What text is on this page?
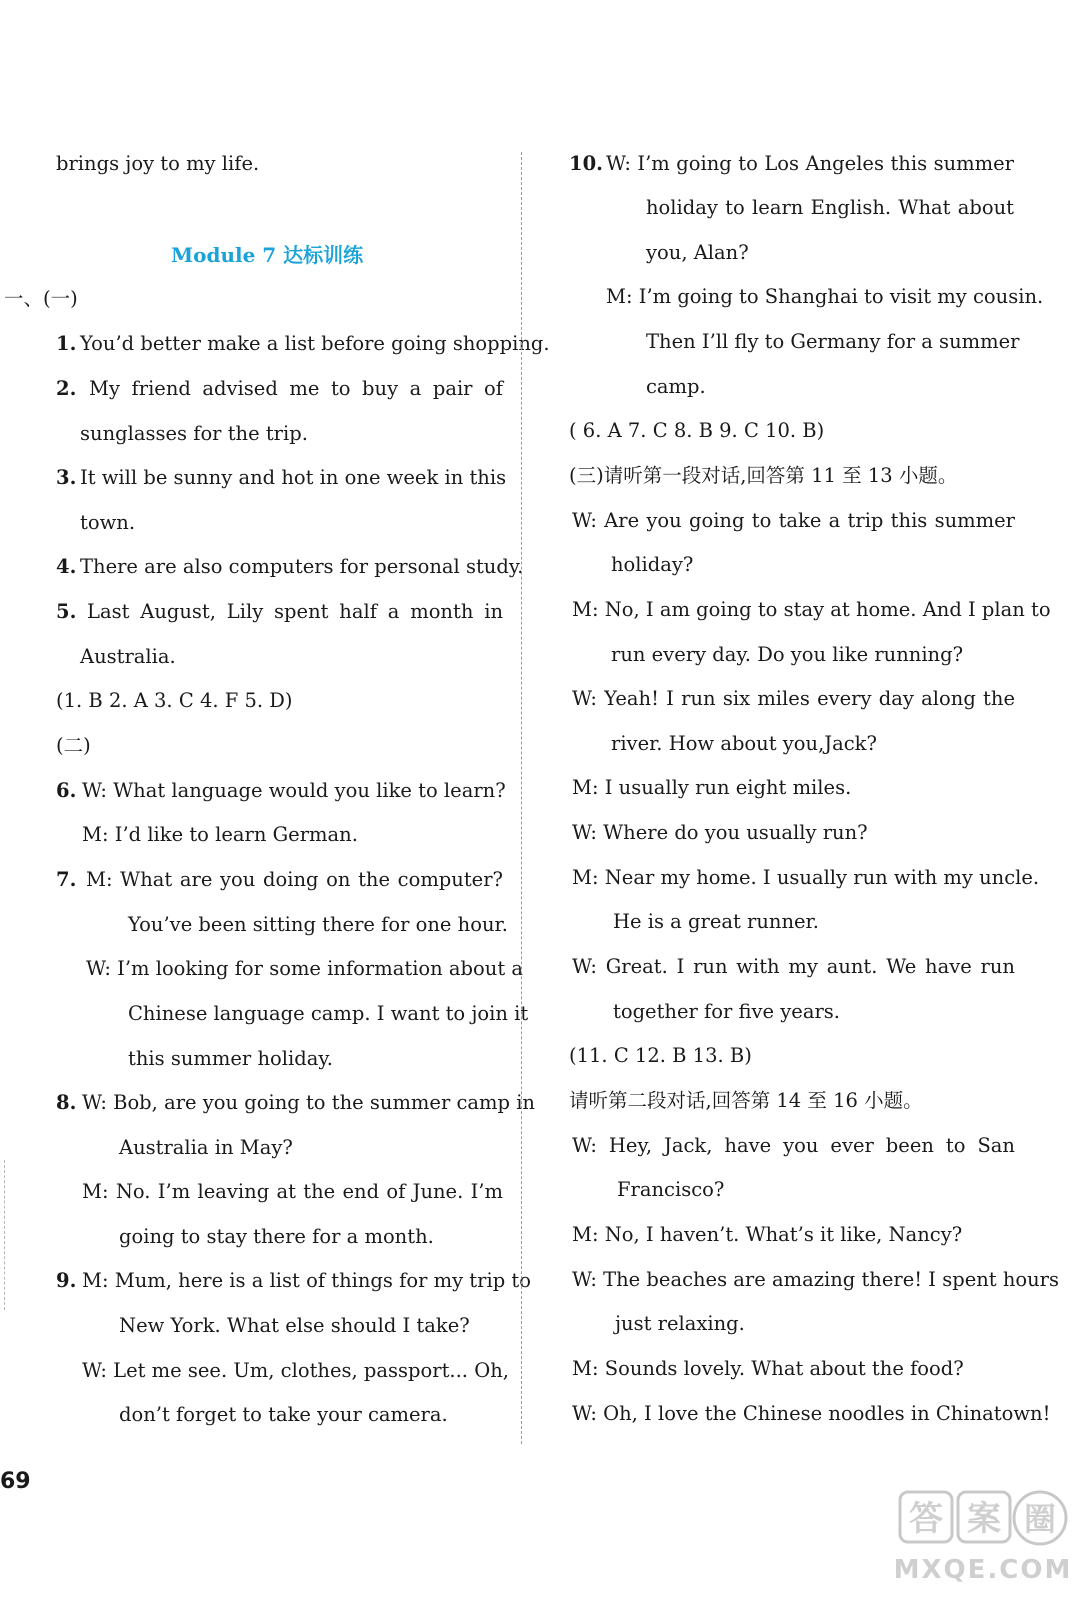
brings joy to my life.
Module 7 达标训练
一、(一)
1. You’d better make a list before going shopping.
2. My friend advised me to buy a pair of
sunglasses for the trip.
3. It will be sunny and hot in one week in this
town.
4. There are also computers for personal study.
5. Last August, Lily spent half a month in
Australia.
(1. B 2. A 3. C 4. F 5. D)
(二)
6. W: What language would you like to learn?
M: I’d like to learn German.
7. M: What are you doing on the computer?
You’ve been sitting there for one hour.
W: I’m looking for some information about a
Chinese language camp. I want to join it
this summer holiday.
8. W: Bob, are you going to the summer camp in
Australia in May?
M: No. I’m leaving at the end of June. I’m
going to stay there for a month.
9. M: Mum, here is a list of things for my trip to
New York. What else should I take?
W: Let me see. Um, clothes, passport... Oh,
don’t forget to take your camera.
10. W: I’m going to Los Angeles this summer
holiday to learn English. What about
you, Alan?
M: I’m going to Shanghai to visit my cousin.
Then I’ll fly to Germany for a summer
camp.
( 6. A 7. C 8. B 9. C 10. B)
(三)请听第一段对话,回答第 11 至 13 小题。
W: Are you going to take a trip this summer
holiday?
M: No, I am going to stay at home. And I plan to
run every day. Do you like running?
W: Yeah! I run six miles every day along the
river. How about you,Jack?
M: I usually run eight miles.
W: Where do you usually run?
M: Near my home. I usually run with my uncle.
He is a great runner.
W: Great. I run with my aunt. We have run
together for five years.
(11. C 12. B 13. B)
请听第二段对话,回答第 14 至 16 小题。
W: Hey, Jack, have you ever been to San
Francisco?
M: No, I haven’t. What’s it like, Nancy?
W: The beaches are amazing there! I spent hours
just relaxing.
M: Sounds lovely. What about the food?
W: Oh, I love the Chinese noodles in Chinatown!
69
答 案 圈
MXQE.COM
